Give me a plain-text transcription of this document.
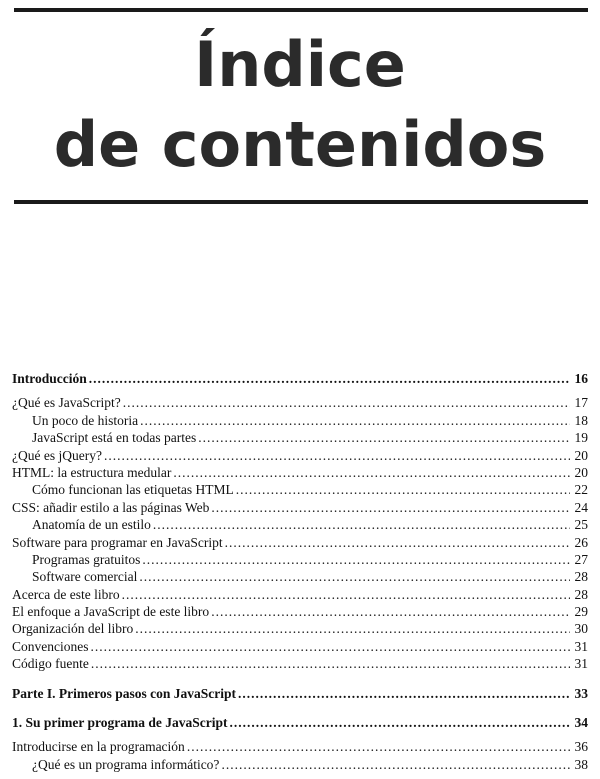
Índice
de contenidos
Introducción .....	16
¿Qué es JavaScript? .....	17
Un poco de historia .....	18
JavaScript está en todas partes .....	19
¿Qué es jQuery? .....	20
HTML: la estructura medular .....	20
Cómo funcionan las etiquetas HTML .....	22
CSS: añadir estilo a las páginas Web .....	24
Anatomía de un estilo .....	25
Software para programar en JavaScript .....	26
Programas gratuitos .....	27
Software comercial .....	28
Acerca de este libro .....	28
El enfoque a JavaScript de este libro .....	29
Organización del libro .....	30
Convenciones .....	31
Código fuente .....	31
Parte I. Primeros pasos con JavaScript .....	33
1. Su primer programa de JavaScript .....	34
Introducirse en la programación .....	36
¿Qué es un programa informático? .....	38
